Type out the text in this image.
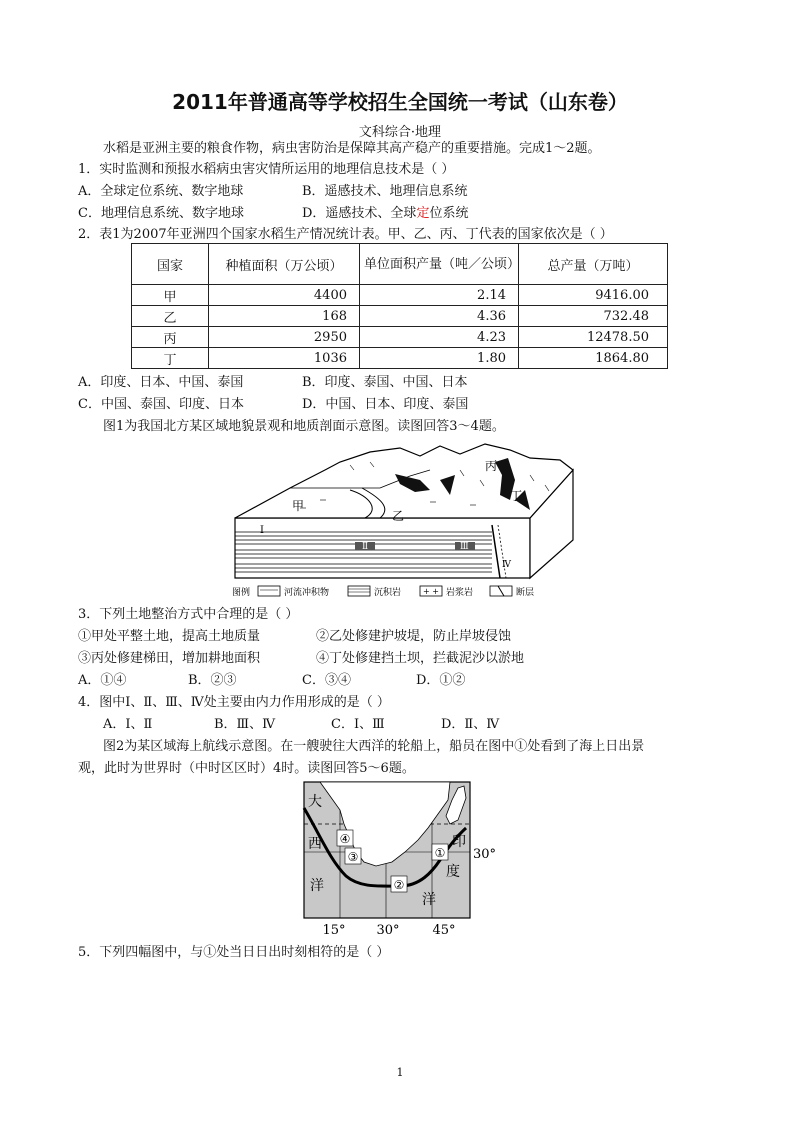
2011年普通高等学校招生全国统一考试（山东卷）
文科综合·地理
水稻是亚洲主要的粮食作物，病虫害防治是保障其高产稳产的重要措施。完成1～2题。
1．实时监测和预报水稻病虫害灾情所运用的地理信息技术是（ ）
A．全球定位系统、数字地球	B．遥感技术、地理信息系统
C．地理信息系统、数字地球	D．遥感技术、全球定位系统
2．表1为2007年亚洲四个国家水稻生产情况统计表。甲、乙、丙、丁代表的国家依次是（ ）
国家	种植面积（万公顷）	单位面积产量（吨／公顷）	总产量（万吨）
甲	4400	2.14	9416.00
乙	168	4.36	732.48
丙	2950	4.23	12478.50
丁	1036	1.80	1864.80
A．印度、日本、中国、泰国	B．印度、泰国、中国、日本
C．中国、泰国、印度、日本	D．中国、日本、印度、泰国
图1为我国北方某区域地貌景观和地质剖面示意图。读图回答3～4题。
甲
乙
丙
丁
Ⅰ
Ⅱ	Ⅲ
Ⅳ
图例	河流冲积物	沉积岩	+ + 岩浆岩	断层
3．下列土地整治方式中合理的是（ ）
①甲处平整土地，提高土地质量	②乙处修建护坡堤，防止岸坡侵蚀
③丙处修建梯田，增加耕地面积	④丁处修建挡土坝，拦截泥沙以淤地
A．①④	B．②③	C．③④	D．①②
4．图中Ⅰ、Ⅱ、Ⅲ、Ⅳ处主要由内力作用形成的是（ ）
A．Ⅰ、Ⅱ	B．Ⅲ、Ⅳ	C．Ⅰ、Ⅲ	D．Ⅱ、Ⅳ
图2为某区域海上航线示意图。在一艘驶往大西洋的轮船上，船员在图中①处看到了海上日出景
观，此时为世界时（中时区区时）4时。读图回答5～6题。
①
②
③
④
大
西
洋
印
度
洋
30°
15° 30°	45°
5．下列四幅图中，与①处当日日出时刻相符的是（ ）
1
